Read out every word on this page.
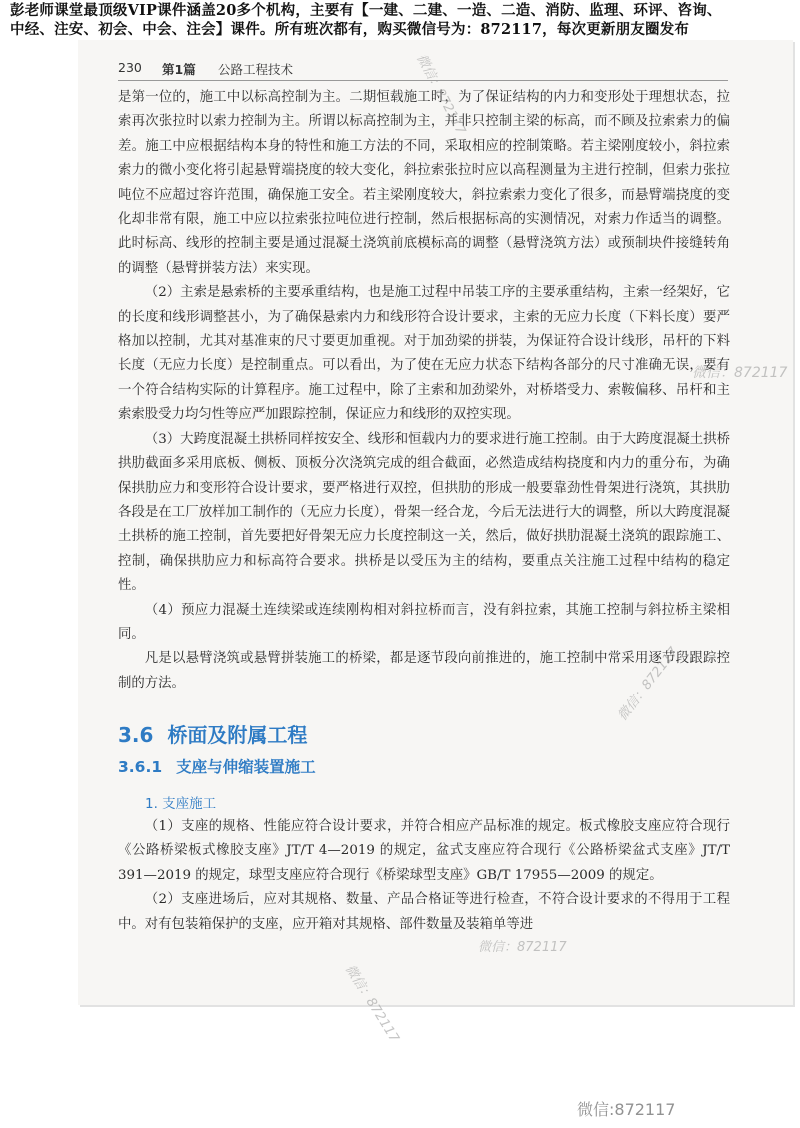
彭老师课堂最顶级VIP课件涵盖20多个机构，主要有【一建、二建、一造、二造、消防、监理、环评、咨询、
中经、注安、初会、中会、注会】课件。所有班次都有，购买微信号为：872117，每次更新朋友圈发布
230 第1篇 公路工程技术

是第一位的，施工中以标高控制为主。二期恒载施工时，为了保证结构的内力和变形处于理想状态，拉索再次张拉时以索力控制为主。所谓以标高控制为主，并非只控制主梁的标高，而不顾及拉索索力的偏差。施工中应根据结构本身的特性和施工方法的不同，采取相应的控制策略。若主梁刚度较小，斜拉索索力的微小变化将引起悬臂端挠度的较大变化，斜拉索张拉时应以高程测量为主进行控制，但索力张拉吨位不应超过容许范围，确保施工安全。若主梁刚度较大，斜拉索索力变化了很多，而悬臂端挠度的变化却非常有限，施工中应以拉索张拉吨位进行控制，然后根据标高的实测情况，对索力作适当的调整。此时标高、线形的控制主要是通过混凝土浇筑前底模标高的调整（悬臂浇筑方法）或预制块件接缝转角的调整（悬臂拼装方法）来实现。

（2）主索是悬索桥的主要承重结构，也是施工过程中吊装工序的主要承重结构，主索一经架好，它的长度和线形调整甚小，为了确保悬索内力和线形符合设计要求，主索的无应力长度（下料长度）要严格加以控制，尤其对基准束的尺寸要更加重视。对于加劲梁的拼装，为保证符合设计线形，吊杆的下料长度（无应力长度）是控制重点。可以看出，为了使在无应力状态下结构各部分的尺寸准确无误，要有一个符合结构实际的计算程序。施工过程中，除了主索和加劲梁外，对桥塔受力、索鞍偏移、吊杆和主索索股受力均匀性等应严加跟踪控制，保证应力和线形的双控实现。

（3）大跨度混凝土拱桥同样按安全、线形和恒载内力的要求进行施工控制。由于大跨度混凝土拱桥拱肋截面多采用底板、侧板、顶板分次浇筑完成的组合截面，必然造成结构挠度和内力的重分布，为确保拱肋应力和变形符合设计要求，要严格进行双控，但拱肋的形成一般要靠劲性骨架进行浇筑，其拱肋各段是在工厂放样加工制作的（无应力长度），骨架一经合龙，今后无法进行大的调整，所以大跨度混凝土拱桥的施工控制，首先要把好骨架无应力长度控制这一关，然后，做好拱肋混凝土浇筑的跟踪施工、控制，确保拱肋应力和标高符合要求。拱桥是以受压为主的结构，要重点关注施工过程中结构的稳定性。

（4）预应力混凝土连续梁或连续刚构相对斜拉桥而言，没有斜拉索，其施工控制与斜拉桥主梁相同。

凡是以悬臂浇筑或悬臂拼装施工的桥梁，都是逐节段向前推进的，施工控制中常采用逐节段跟踪控制的方法。

3.6 桥面及附属工程
3.6.1 支座与伸缩装置施工
1. 支座施工

（1）支座的规格、性能应符合设计要求，并符合相应产品标准的规定。板式橡胶支座应符合现行《公路桥梁板式橡胶支座》JT/T 4—2019 的规定，盆式支座应符合现行《公路桥梁盆式支座》JT/T 391—2019 的规定，球型支座应符合现行《桥梁球型支座》GB/T 17955—2009 的规定。

（2）支座进场后，应对其规格、数量、产品合格证等进行检查，不符合设计要求的不得用于工程中。对有包装箱保护的支座，应开箱对其规格、部件数量及装箱单等进

微信：872117
微信：872117
微信：872117
微信：872117
微信：872117
微信:872117
